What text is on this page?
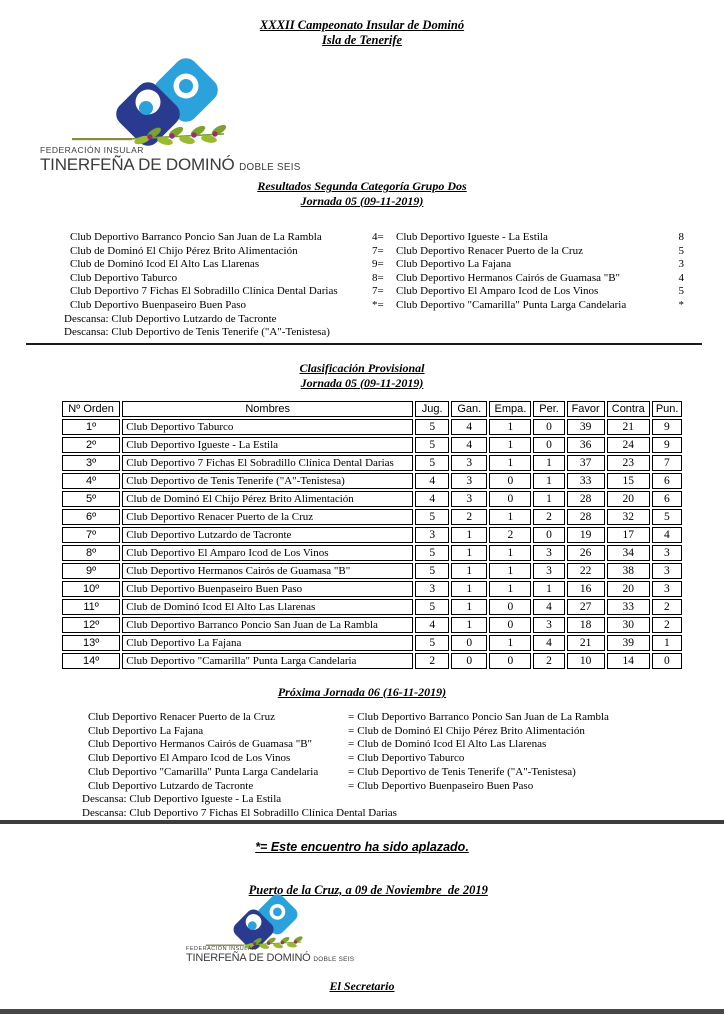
XXXII Campeonato Insular de Dominó
Isla de Tenerife
FEDERACIÓN INSULAR
TINERFEÑA DE DOMINÓ DOBLE SEIS
Resultados Segunda Categoría Grupo Dos
Jornada 05 (09-11-2019)
Club Deportivo Barranco Poncio San Juan de La Rambla	4=	Club Deportivo Igueste - La Estila	8
Club de Dominó El Chijo Pérez Brito Alimentación	7=	Club Deportivo Renacer Puerto de la Cruz	5
Club de Dominó Icod El Alto Las Llarenas	9=	Club Deportivo La Fajana	3
Club Deportivo Taburco	8=	Club Deportivo Hermanos Cairós de Guamasa "B"	4
Club Deportivo 7 Fichas El Sobradillo Clínica Dental Darias	7=	Club Deportivo El Amparo Icod de Los Vinos	5
Club Deportivo Buenpaseiro Buen Paso	*=	Club Deportivo "Camarilla" Punta Larga Candelaria	*
Descansa: Club Deportivo Lutzardo de Tacronte
Descansa: Club Deportivo de Tenis Tenerife ("A"-Tenistesa)
Clasificación Provisional
Jornada 05 (09-11-2019)
Nº Orden	Nombres	Jug.	Gan.	Empa.	Per.	Favor	Contra	Pun.
1º	Club Deportivo Taburco	5	4	1	0	39	21	9
2º	Club Deportivo Igueste - La Estila	5	4	1	0	36	24	9
3º	Club Deportivo 7 Fichas El Sobradillo Clínica Dental Darias	5	3	1	1	37	23	7
4º	Club Deportivo de Tenis Tenerife ("A"-Tenistesa)	4	3	0	1	33	15	6
5º	Club de Dominó El Chijo Pérez Brito Alimentación	4	3	0	1	28	20	6
6º	Club Deportivo Renacer Puerto de la Cruz	5	2	1	2	28	32	5
7º	Club Deportivo Lutzardo de Tacronte	3	1	2	0	19	17	4
8º	Club Deportivo El Amparo Icod de Los Vinos	5	1	1	3	26	34	3
9º	Club Deportivo Hermanos Cairós de Guamasa "B"	5	1	1	3	22	38	3
10º	Club Deportivo Buenpaseiro Buen Paso	3	1	1	1	16	20	3
11º	Club de Dominó Icod El Alto Las Llarenas	5	1	0	4	27	33	2
12º	Club Deportivo Barranco Poncio San Juan de La Rambla	4	1	0	3	18	30	2
13º	Club Deportivo La Fajana	5	0	1	4	21	39	1
14º	Club Deportivo "Camarilla" Punta Larga Candelaria	2	0	0	2	10	14	0
Próxima Jornada 06 (16-11-2019)
Club Deportivo Renacer Puerto de la Cruz	= Club Deportivo Barranco Poncio San Juan de La Rambla
Club Deportivo La Fajana	= Club de Dominó El Chijo Pérez Brito Alimentación
Club Deportivo Hermanos Cairós de Guamasa "B"	= Club de Dominó Icod El Alto Las Llarenas
Club Deportivo El Amparo Icod de Los Vinos	= Club Deportivo Taburco
Club Deportivo "Camarilla" Punta Larga Candelaria	= Club Deportivo de Tenis Tenerife ("A"-Tenistesa)
Club Deportivo Lutzardo de Tacronte	= Club Deportivo Buenpaseiro Buen Paso
Descansa: Club Deportivo Igueste - La Estila
Descansa: Club Deportivo 7 Fichas El Sobradillo Clínica Dental Darias
*= Este encuentro ha sido aplazado.

Puerto de la Cruz, a 09 de Noviembre  de 2019

FEDERACIÓN INSULAR
TINERFEÑA DE DOMINÓ DOBLE SEIS
El Secretario
